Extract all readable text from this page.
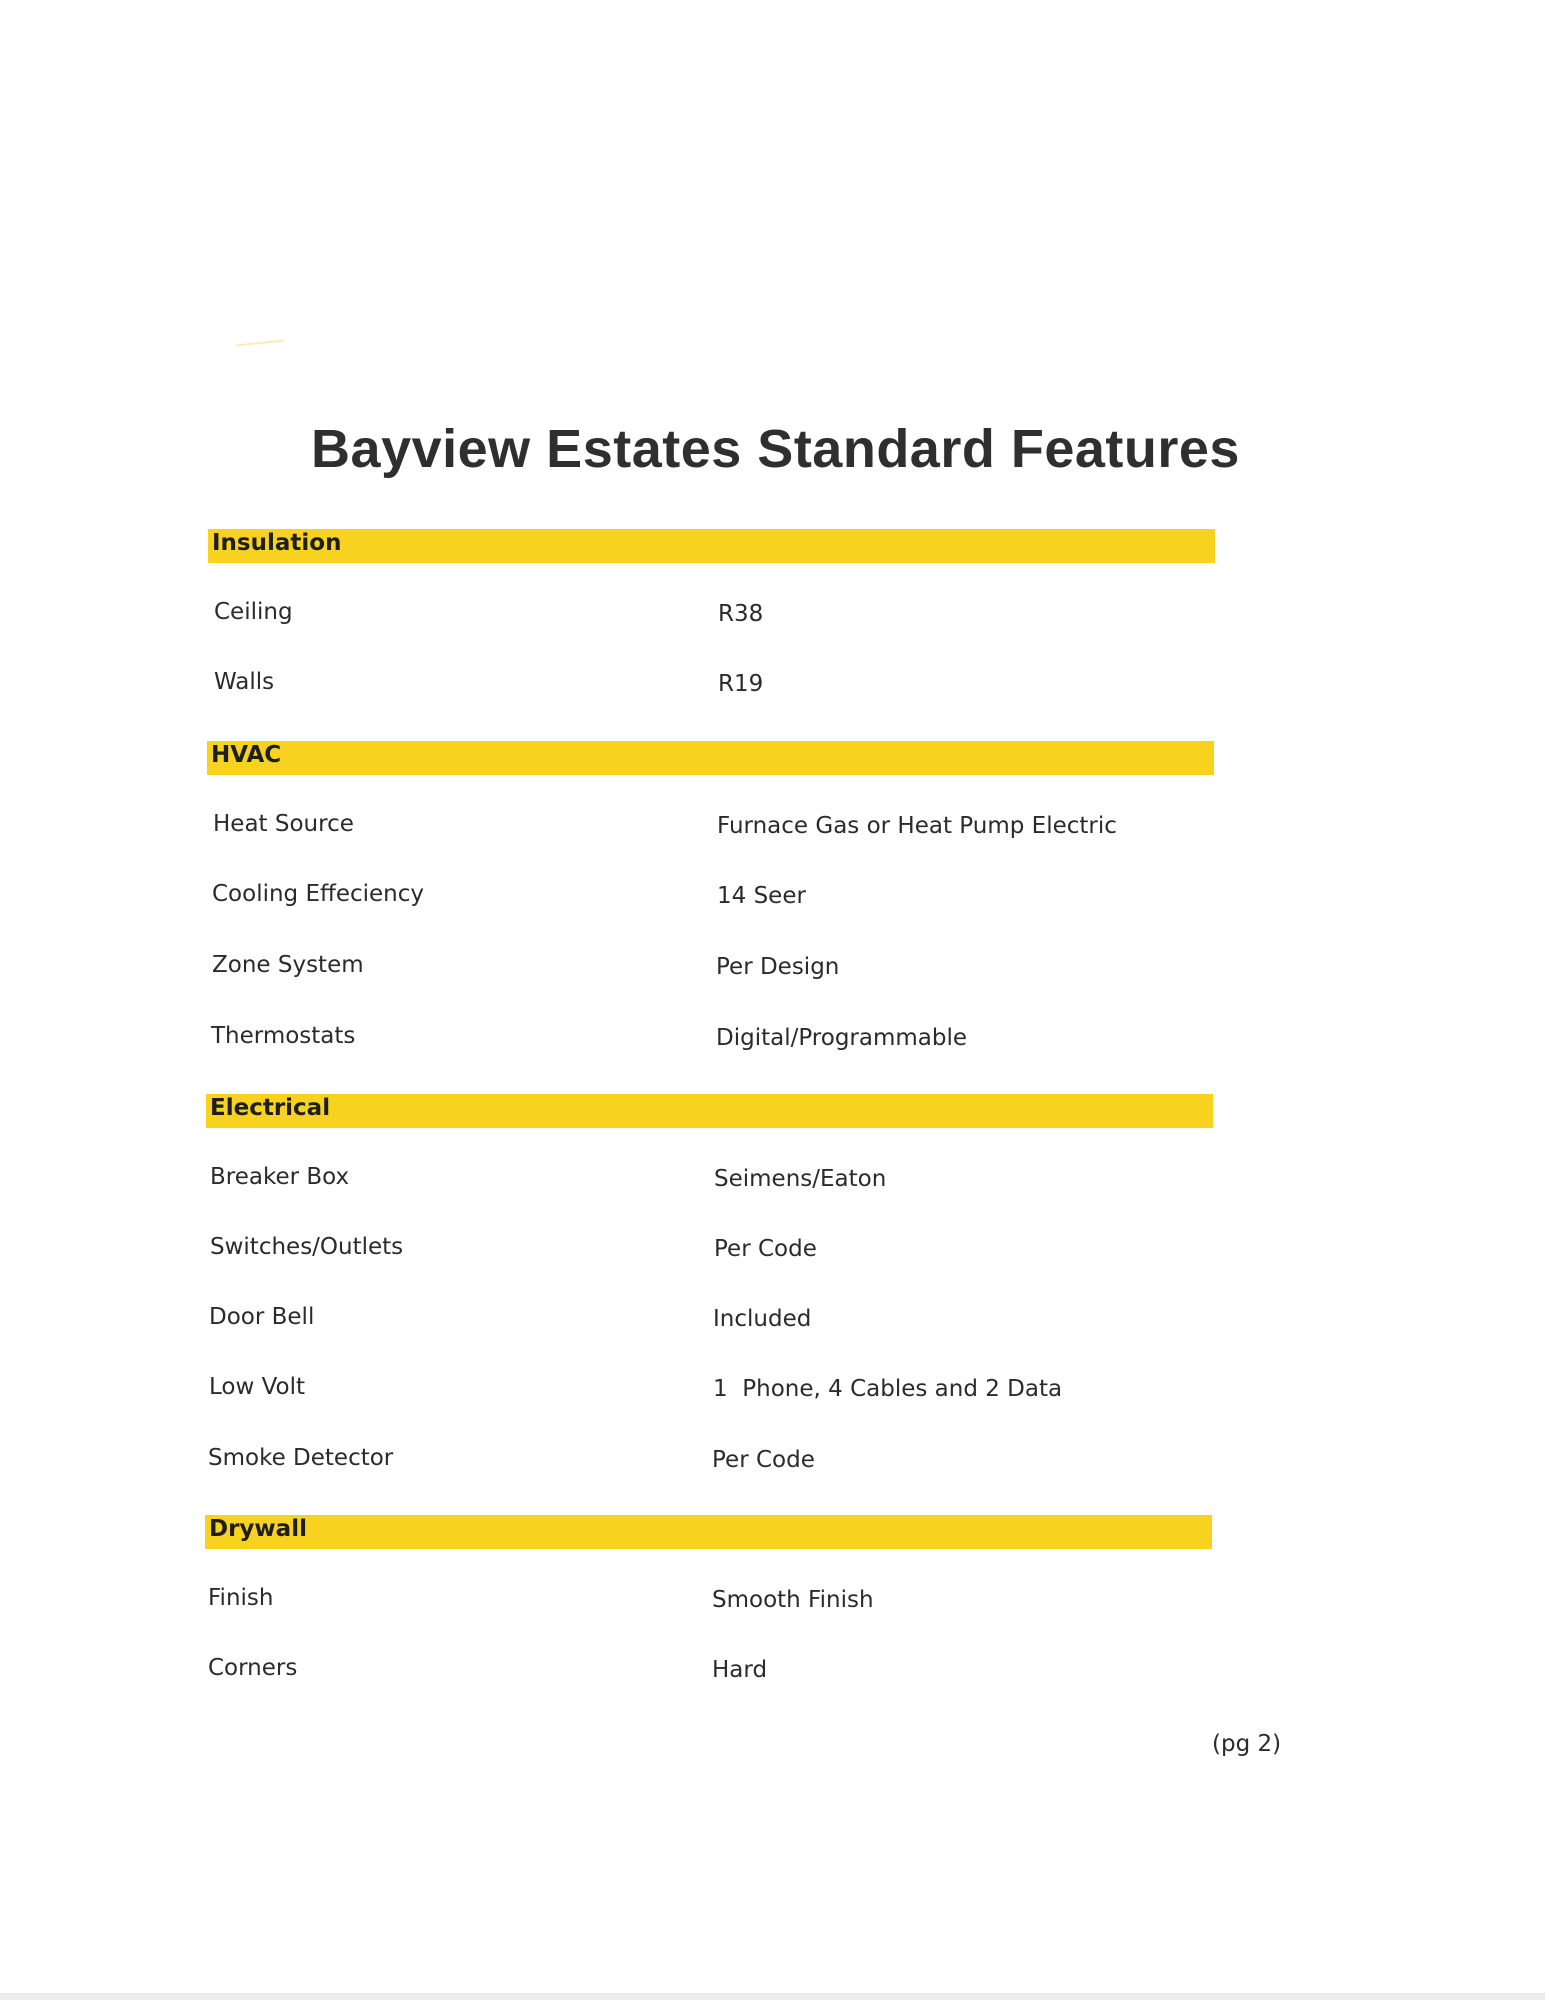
Bayview Estates Standard Features
Insulation
Ceiling	R38
Walls	R19
HVAC
Heat Source	Furnace Gas or Heat Pump Electric
Cooling Effeciency	14 Seer
Zone System	Per Design
Thermostats	Digital/Programmable
Electrical
Breaker Box	Seimens/Eaton
Switches/Outlets	Per Code
Door Bell	Included
Low Volt	1  Phone, 4 Cables and 2 Data
Smoke Detector	Per Code
Drywall
Finish	Smooth Finish
Corners	Hard
(pg 2)
